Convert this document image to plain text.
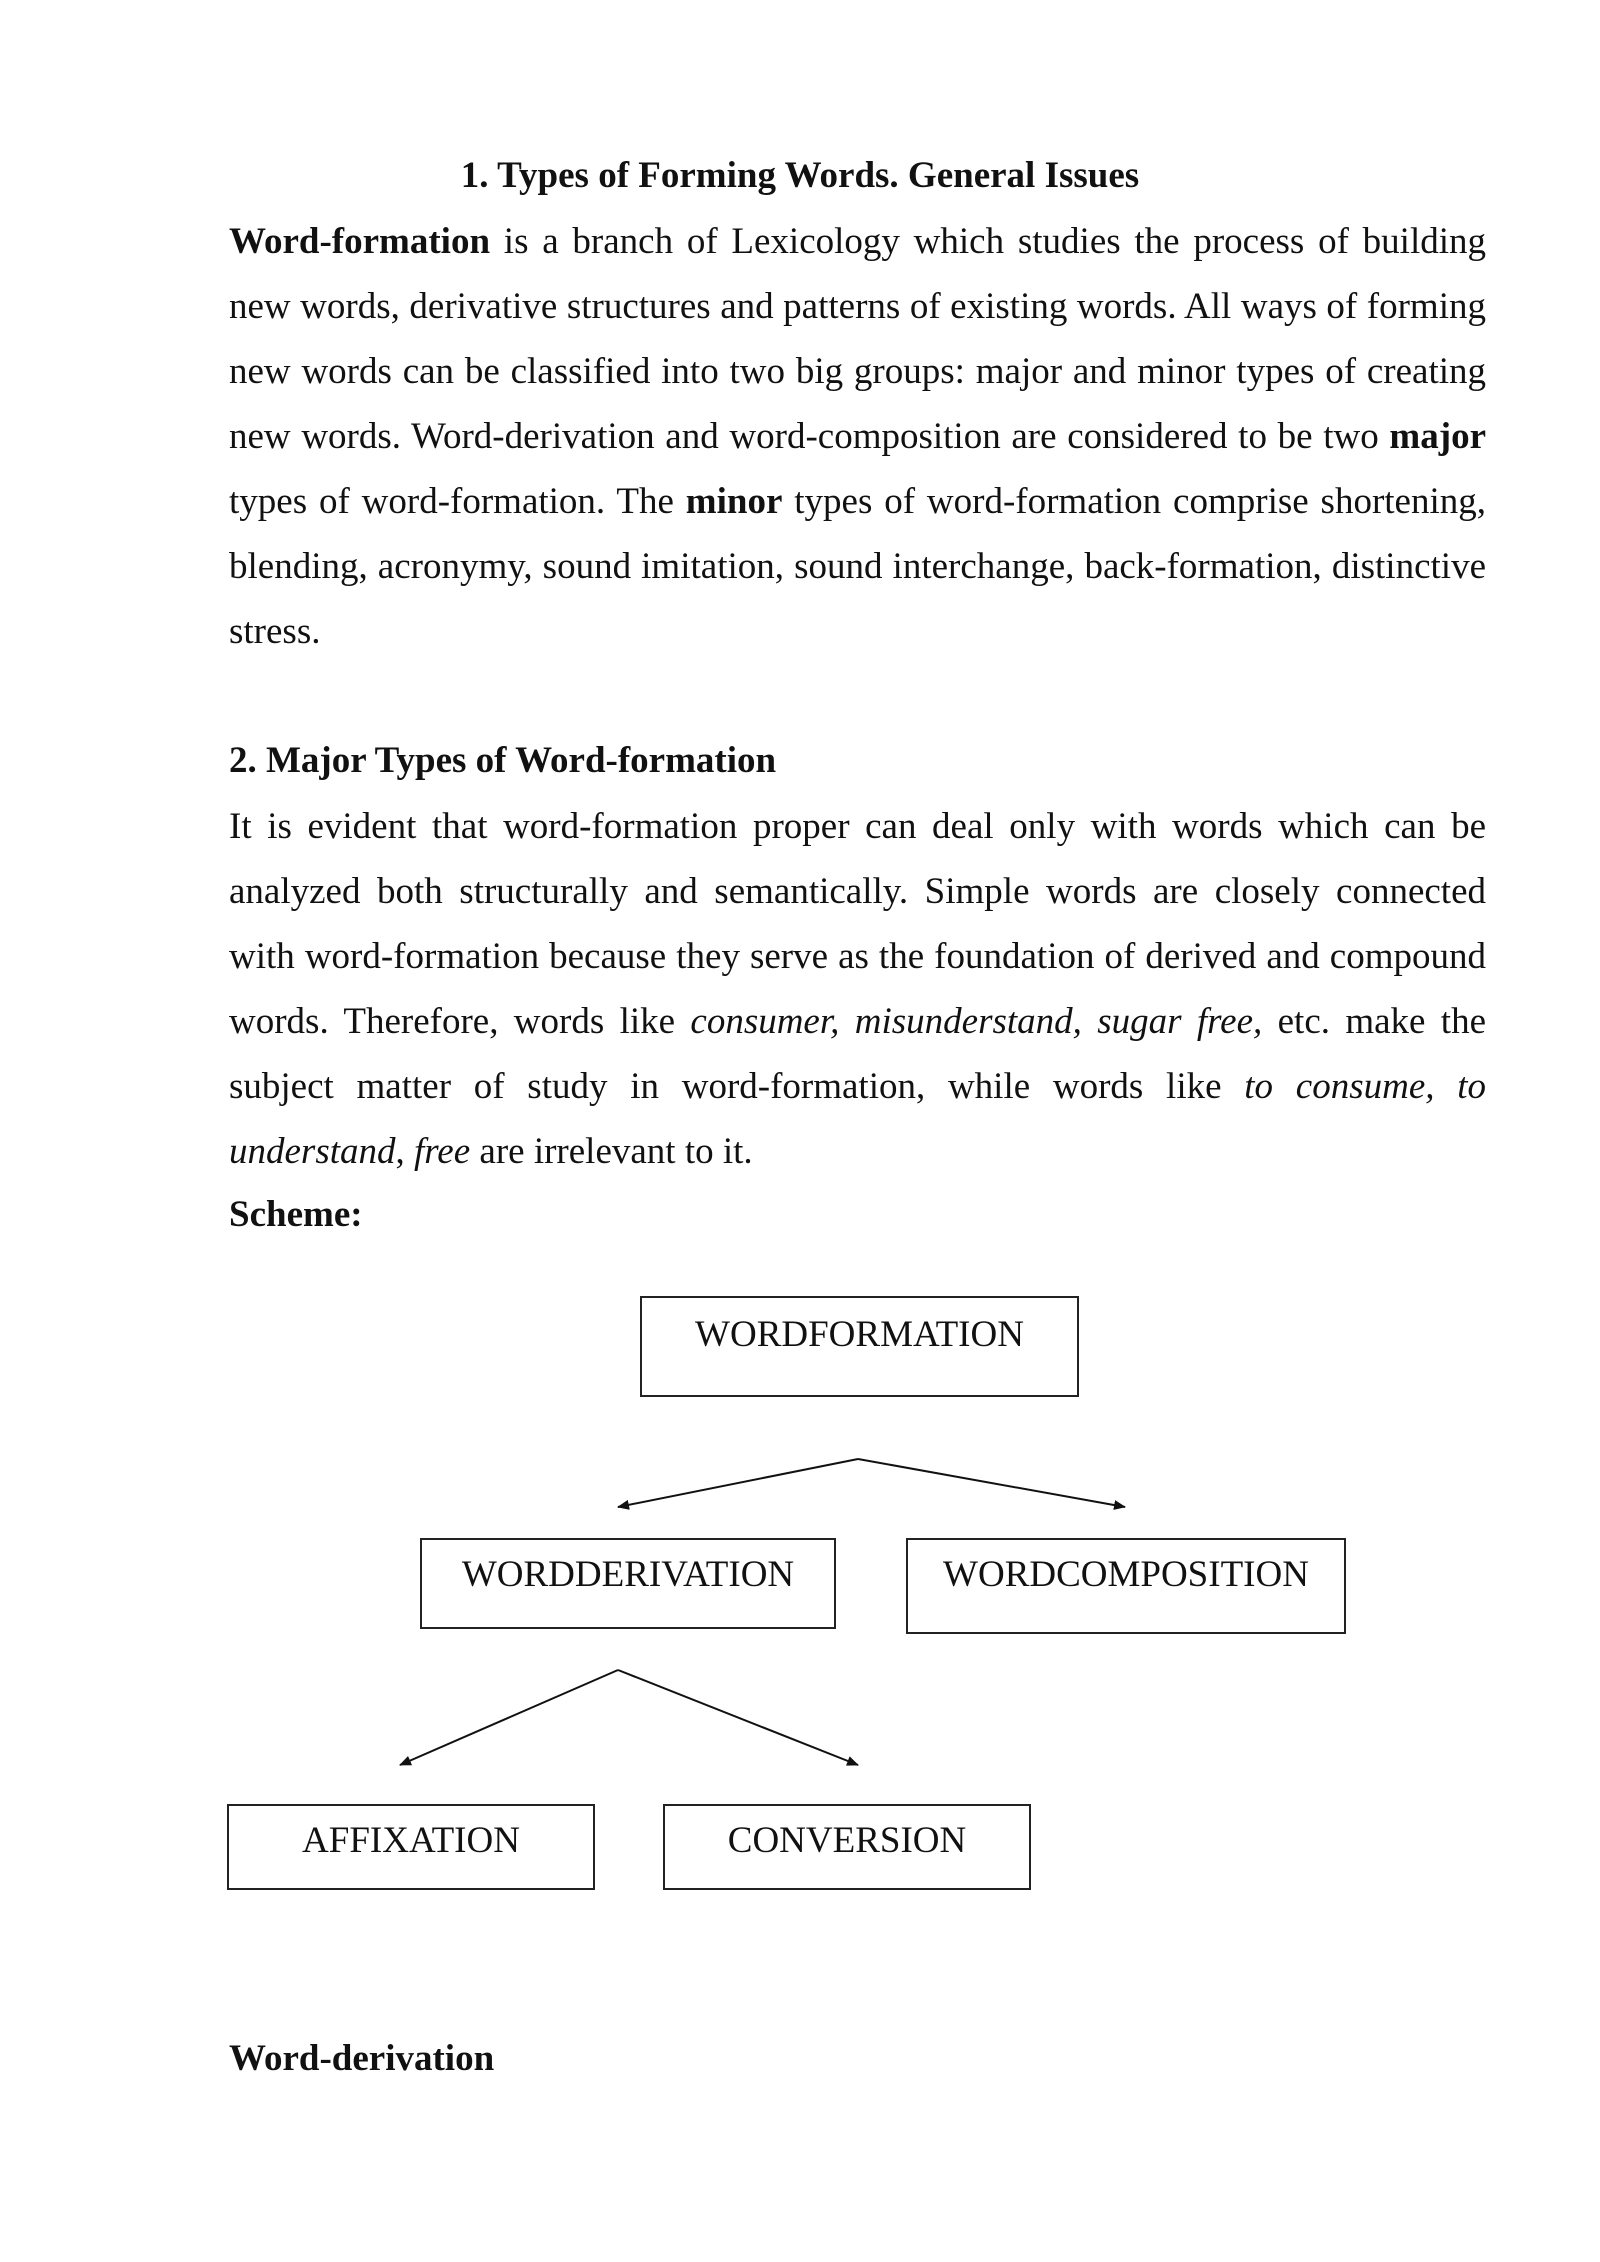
1. Types of Forming Words. General Issues

Word-formation is a branch of Lexicology which studies the process of building new words, derivative structures and patterns of existing words. All ways of forming new words can be classified into two big groups: major and minor types of creating new words. Word-derivation and word-composition are considered to be two major types of word-formation. The minor types of word-formation comprise shortening, blending, acronymy, sound imitation, sound interchange, back-formation, distinctive stress.

2. Major Types of Word-formation

It is evident that word-formation proper can deal only with words which can be analyzed both structurally and semantically. Simple words are closely connected with word-formation because they serve as the foundation of derived and compound words. Therefore, words like consumer, misunderstand, sugar free, etc. make the subject matter of study in word-formation, while words like to consume, to understand, free are irrelevant to it.

Scheme:
WORDFORMATION
WORDDERIVATION	WORDCOMPOSITION
AFFIXATION	CONVERSION
Word-derivation
